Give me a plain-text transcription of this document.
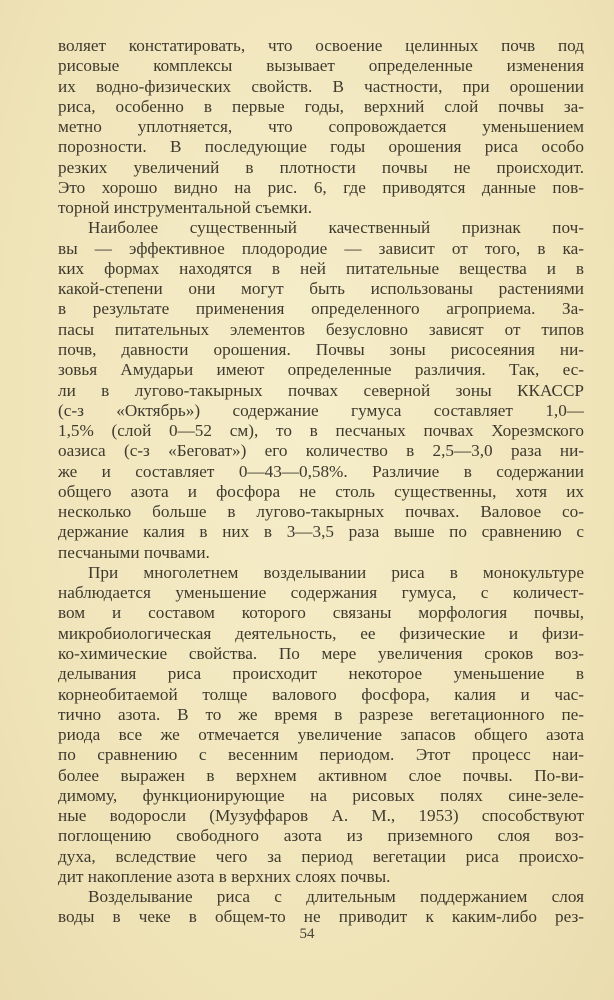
воляет констатировать, что освоение целинных почв под
рисовые комплексы вызывает определенные изменения
их водно-физических свойств. В частности, при орошении
риса, особенно в первые годы, верхний слой почвы за-
метно уплотняется, что сопровождается уменьшением
порозности. В последующие годы орошения риса особо
резких увеличений в плотности почвы не происходит.
Это хорошо видно на рис. 6, где приводятся данные пов-
торной инструментальной съемки.
Наиболее существенный качественный признак поч-
вы — эффективное плодородие — зависит от того, в ка-
ких формах находятся в ней питательные вещества и в
какой-степени они могут быть использованы растениями
в результате применения определенного агроприема. За-
пасы питательных элементов безусловно зависят от типов
почв, давности орошения. Почвы зоны рисосеяния ни-
зовья Амударьи имеют определенные различия. Так, ес-
ли в лугово-такырных почвах северной зоны ККАССР
(с-з «Октябрь») содержание гумуса составляет 1,0—
1,5% (слой 0—52 см), то в песчаных почвах Хорезмского
оазиса (с-з «Беговат») его количество в 2,5—3,0 раза ни-
же и составляет 0—43—0,58%. Различие в содержании
общего азота и фосфора не столь существенны, хотя их
несколько больше в лугово-такырных почвах. Валовое со-
держание калия в них в 3—3,5 раза выше по сравнению с
песчаными почвами.
При многолетнем возделывании риса в монокультуре
наблюдается уменьшение содержания гумуса, с количест-
вом и составом которого связаны морфология почвы,
микробиологическая деятельность, ее физические и физи-
ко-химические свойства. По мере увеличения сроков воз-
делывания риса происходит некоторое уменьшение в
корнеобитаемой толще валового фосфора, калия и час-
тично азота. В то же время в разрезе вегетационного пе-
риода все же отмечается увеличение запасов общего азота
по сравнению с весенним периодом. Этот процесс наи-
более выражен в верхнем активном слое почвы. По-ви-
димому, функционирующие на рисовых полях сине-зеле-
ные водоросли (Музуффаров А. М., 1953) способствуют
поглощению свободного азота из приземного слоя воз-
духа, вследствие чего за период вегетации риса происхо-
дит накопление азота в верхних слоях почвы.
Возделывание риса с длительным поддержанием слоя
воды в чеке в общем-то не приводит к каким-либо рез-
54
